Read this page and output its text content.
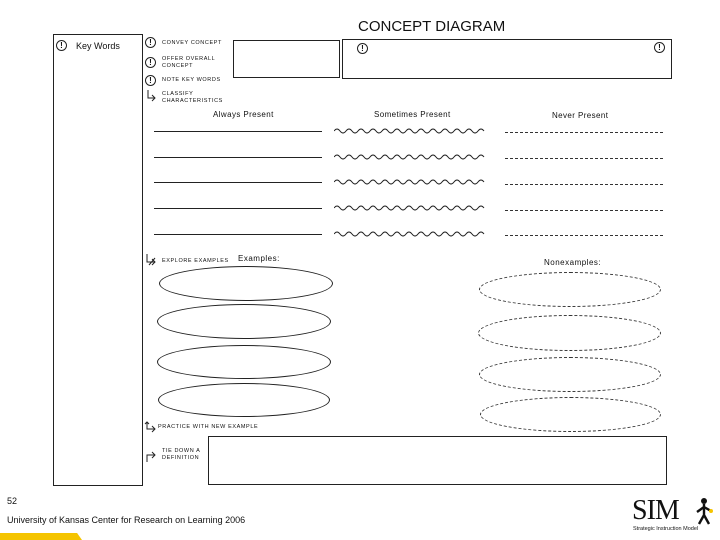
CONCEPT DIAGRAM
!	Key Words	!	CONVEY CONCEPT
!	OFFER OVERALL CONCEPT
!	NOTE KEY WORDS
CLASSIFY CHARACTERISTICS
!	!
Always Present	Sometimes Present	Never Present
EXPLORE EXAMPLES Examples:	Nonexamples:
PRACTICE WITH NEW EXAMPLE
TIE DOWN A DEFINITION
52
University of Kansas Center for Research on Learning 2006	SIM
Strategic Instruction Model
